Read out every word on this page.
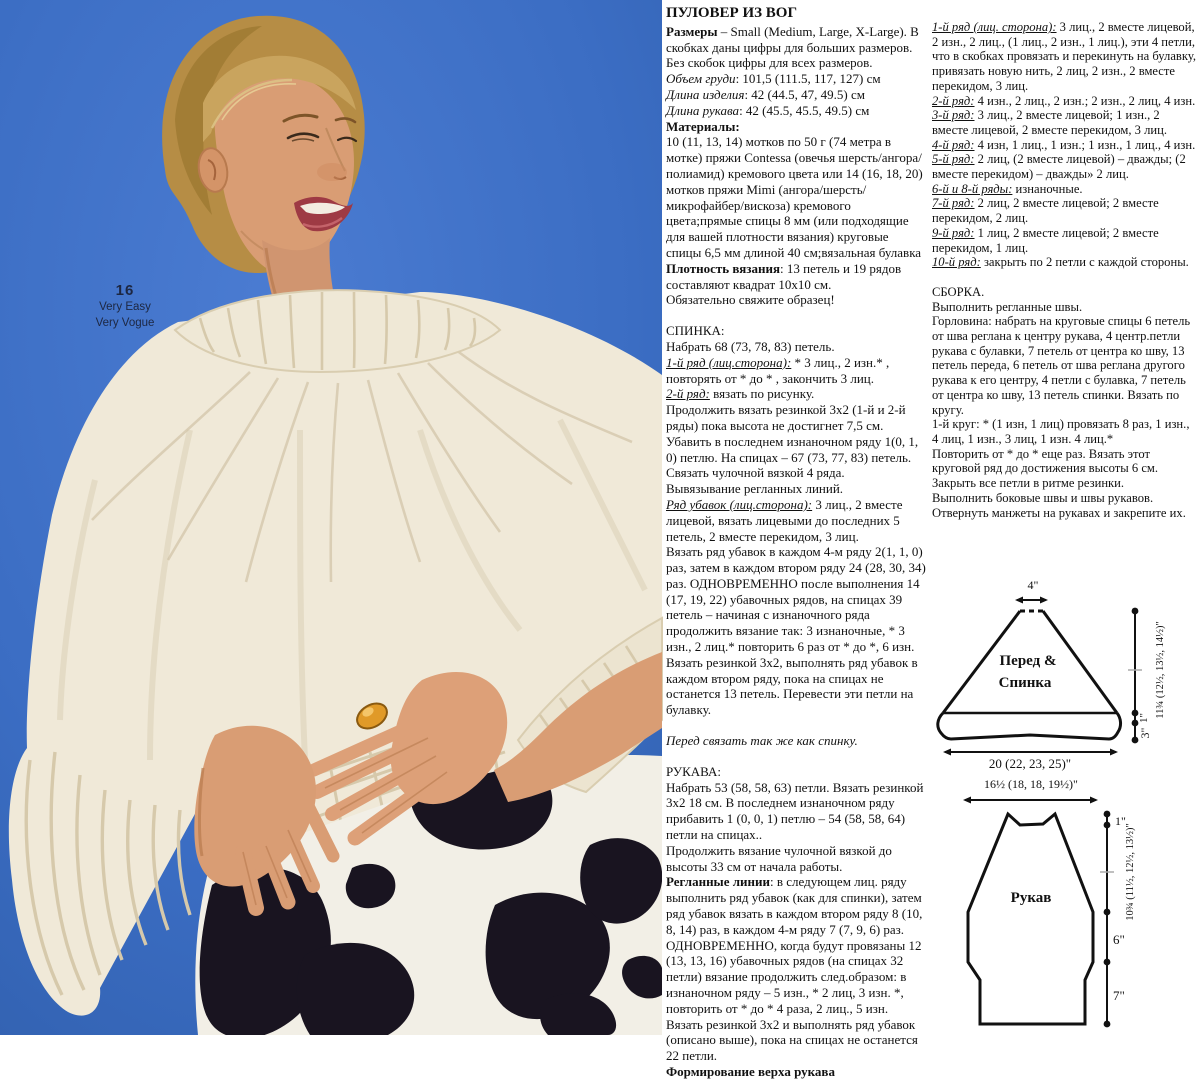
16
Very Easy
Very Vogue

ПУЛОВЕР ИЗ ВОГ

Размеры – Small (Medium, Large, X-Large). В скобках даны цифры для больших размеров. Без скобок цифры для всех размеров.

Объем груди: 101,5 (111.5, 117, 127) см

Длина изделия: 42 (44.5, 47, 49.5) см

Длина рукава: 42 (45.5, 45.5, 49.5) см

Материалы:

10 (11, 13, 14) мотков по 50 г (74 метра в мотке) пряжи Contessa (овечья шерсть/ангора/полиамид) кремового цвета или 14 (16, 18, 20) мотков пряжи Mimi (ангора/шерсть/микрофайбер/вискоза) кремового цвета;прямые спицы 8 мм (или подходящие для вашей плотности вязания) круговые спицы 6,5 мм длиной 40 см;вязальная булавка

Плотность вязания: 13 петель и 19 рядов составляют квадрат 10x10 см.

Обязательно свяжите образец!

СПИНКА:

Набрать 68 (73, 78, 83) петель.

1-й ряд (лиц.сторона): * 3 лиц., 2 изн.* , повторять от * до * , закончить 3 лиц.

2-й ряд: вязать по рисунку.

Продолжить вязать резинкой 3х2 (1-й и 2-й ряды) пока высота не достигнет 7,5 см.

Убавить в последнем изнаночном ряду 1(0, 1, 0) петлю. На спицах – 67 (73, 77, 83) петель.

Связать чулочной вязкой 4 ряда.

Вывязывание регланных линий.

Ряд убавок (лиц.сторона): 3 лиц., 2 вместе лицевой, вязать лицевыми до последних 5 петель, 2 вместе перекидом, 3 лиц.

Вязать ряд убавок в каждом 4-м ряду 2(1, 1, 0) раз, затем в каждом втором ряду 24 (28, 30, 34) раз. ОДНОВРЕМЕННО после выполнения 14 (17, 19, 22) убавочных рядов, на спицах 39 петель – начиная с изнаночного ряда продолжить вязание так: 3 изнаночные, * 3 изн., 2 лиц.* повторить 6 раз от * до *, 6 изн. Вязать резинкой 3х2, выполнять ряд убавок в каждом втором ряду, пока на спицах не останется 13 петель. Перевести эти петли на булавку.

Перед связать так же как спинку.

РУКАВА:

Набрать 53 (58, 58, 63) петли. Вязать резинкой 3х2 18 см. В последнем изнаночном ряду прибавить 1 (0, 0, 1) петлю – 54 (58, 58, 64) петли на спицах..

Продолжить вязание чулочной вязкой до высоты 33 см от начала работы.

Регланные линии: в следующем лиц. ряду выполнить ряд убавок (как для спинки), затем ряд убавок вязать в каждом втором ряду 8 (10, 8, 14) раз, в каждом 4-м ряду 7 (7, 9, 6) раз. ОДНОВРЕМЕННО, когда будут провязаны 12 (13, 13, 16) убавочных рядов (на спицах 32 петли) вязание продолжить след.образом: в изнаночном ряду – 5 изн., * 2 лиц, 3 изн. *, повторить от * до * 4 раза, 2 лиц., 5 изн. Вязать резинкой 3х2 и выполнять ряд убавок (описано выше), пока на спицах не останется 22 петли.

Формирование верха рукава

1-й ряд (лиц. сторона): 3 лиц., 2 вместе лицевой, 2 изн., 2 лиц., (1 лиц., 2 изн., 1 лиц.), эти 4 петли, что в скобках провязать и перекинуть на булавку, привязать новую нить, 2 лиц, 2 изн., 2 вместе перекидом, 3 лиц.

2-й ряд: 4 изн., 2 лиц., 2 изн.; 2 изн., 2 лиц, 4 изн.

3-й ряд: 3 лиц., 2 вместе лицевой; 1 изн., 2 вместе лицевой, 2 вместе перекидом, 3 лиц.

4-й ряд: 4 изн, 1 лиц., 1 изн.; 1 изн., 1 лиц., 4 изн.

5-й ряд: 2 лиц, (2 вместе лицевой) – дважды; (2 вместе перекидом) – дважды» 2 лиц.

6-й и 8-й ряды: изнаночные.

7-й ряд: 2 лиц, 2 вместе лицевой; 2 вместе перекидом, 2 лиц.

9-й ряд: 1 лиц, 2 вместе лицевой; 2 вместе перекидом, 1 лиц.

10-й ряд: закрыть по 2 петли с каждой стороны.

СБОРКА.

Выполнить регланные швы.

Горловина: набрать на круговые спицы 6 петель от шва реглана к центру рукава, 4 центр.петли рукава с булавки, 7 петель от центра ко шву, 13 петель переда, 6 петель от шва реглана другого рукава к его центру, 4 петли с булавка, 7 петель от центра ко шву, 13 петель спинки. Вязать по кругу.

1-й круг: * (1 изн, 1 лиц) провязать 8 раз, 1 изн., 4 лиц, 1 изн., 3 лиц, 1 изн. 4 лиц.*

Повторить от * до * еще раз. Вязать этот круговой ряд до достижения высоты 6 см.

Закрыть все петли в ритме резинки.

Выполнить боковые швы и швы рукавов.

Отвернуть манжеты на рукавах и закрепите их.

4"
Перед &
Спинка
20 (22, 23, 25)"
1"
3"
11¾ (12½, 13½, 14½)"
16½ (18, 18, 19½)"
Рукав
1"
10¾ (11½, 12½, 13½)"
6"
7"
